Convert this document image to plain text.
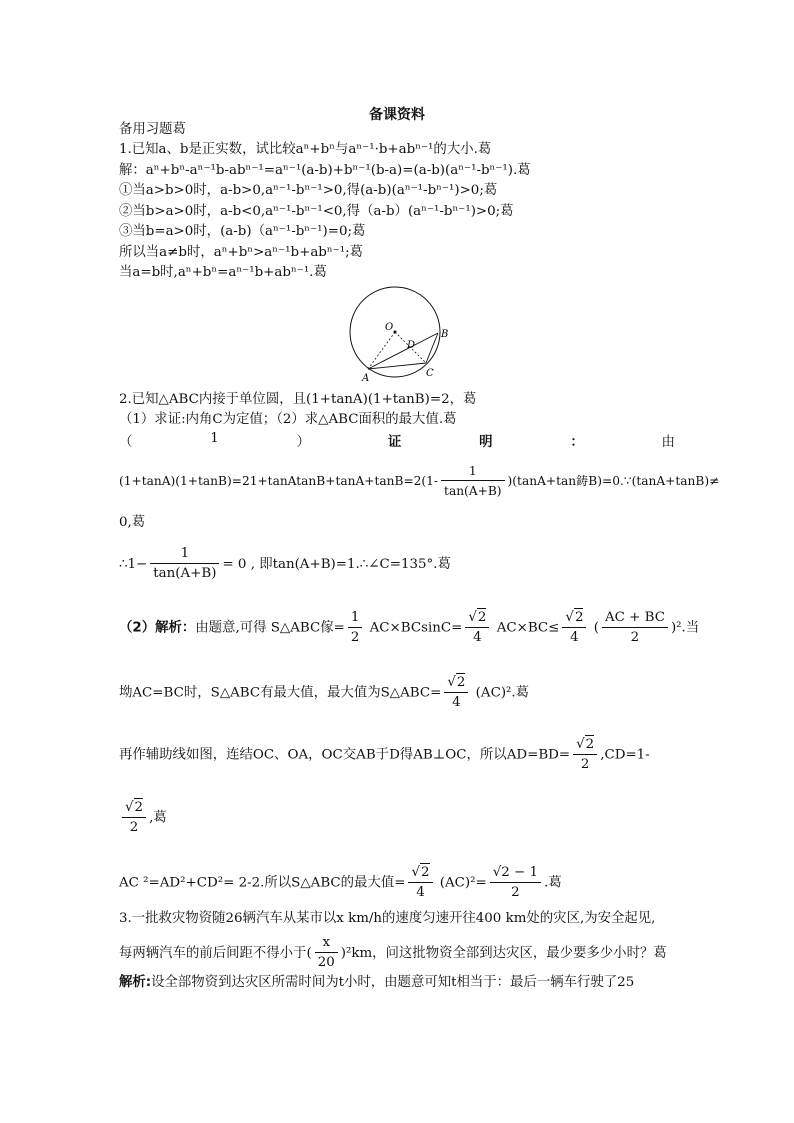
备课资料
备用习题葛
1.已知a、b是正实数，试比较aⁿ+bⁿ与aⁿ⁻¹·b+abⁿ⁻¹的大小.葛
解：aⁿ+bⁿ-aⁿ⁻¹b-abⁿ⁻¹=aⁿ⁻¹(a-b)+bⁿ⁻¹(b-a)=(a-b)(aⁿ⁻¹-bⁿ⁻¹).葛
①当a>b>0时，a-b>0,aⁿ⁻¹-bⁿ⁻¹>0,得(a-b)(aⁿ⁻¹-bⁿ⁻¹)>0;葛
②当b>a>0时，a-b<0,aⁿ⁻¹-bⁿ⁻¹<0,得（a-b）(aⁿ⁻¹-bⁿ⁻¹)>0;葛
③当b=a>0时，(a-b)（aⁿ⁻¹-bⁿ⁻¹)=0;葛
所以当a≠b时，aⁿ+bⁿ>aⁿ⁻¹b+abⁿ⁻¹;葛
当a=b时,aⁿ+bⁿ=aⁿ⁻¹b+abⁿ⁻¹.葛
O
A
B
C
D
2.已知△ABC内接于单位圆，且(1+tanA)(1+tanB)=2，葛
（1）求证:内角C为定值；（2）求△ABC面积的最大值.葛
（	1	）	证	明	：	由
(1+tanA)(1+tanB)=21+tanAtanB+tanA+tanB=2(1- $\frac{1}{\tan(A+B)} )(\tan A+\tan$鋳B)=0.∵(tanA+tanB)≠
0,葛
∴1− $\frac{1}{\tan(A+B)} = 0$ , 即tan(A+B)=1.∴∠C=135°.葛
（2）解析：由题意,可得 S△ABC傢= $\frac{1}{2} AC\times BCsinC= \frac{√2}{4} AC\times BC\le \frac{√2}{4}$ ( $\frac{AC + BC}{2} )^2$.当
坳AC=BC时，S△ABC有最大值，最大值为S△ABC= $\frac{√2}{4} (AC)^2$.葛
再作辅助线如图，连结OC、OA，OC交AB于D得AB⊥OC，所以$AD=BD= \frac{√2}{2} ,CD=1-$
$\frac{√2}{2}$ ,葛
AC ²=AD²+CD²= 2-2.所以S△ABC的最大值= $\frac{√2}{4} (AC)^2= \frac{√2 - 1}{2}$ .葛
3.一批救灾物资随26辆汽车从某市以x km/h的速度匀速开往400 km处的灾区,为安全起见,
每两辆汽车的前后间距不得小于( $\frac{x}{20} )^2km$，问这批物资全部到达灾区，最少要多少小时？葛
解析:设全部物资到达灾区所需时间为t小时，由题意可知t相当于：最后一辆车行驶了25
